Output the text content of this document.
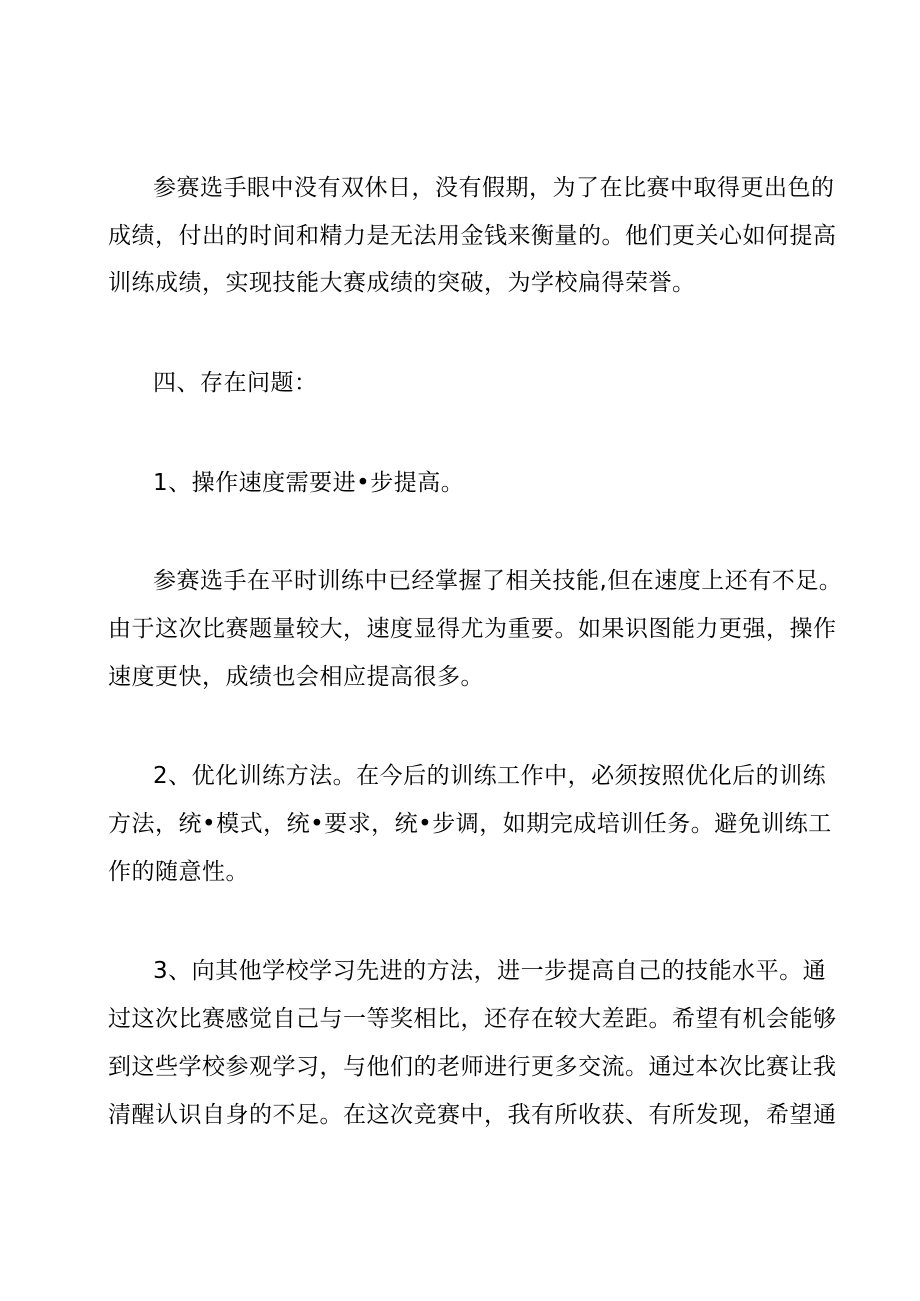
参赛选手眼中没有双休日，没有假期，为了在比赛中取得更出色的
成绩，付出的时间和精力是无法用金钱来衡量的。他们更关心如何提高
训练成绩，实现技能大赛成绩的突破，为学校扁得荣誉。
四、存在问题：
1、操作速度需要进•步提高。
参赛选手在平时训练中已经掌握了相关技能,但在速度上还有不足。
由于这次比赛题量较大，速度显得尤为重要。如果识图能力更强，操作
速度更快，成绩也会相应提高很多。
2、优化训练方法。在今后的训练工作中，必须按照优化后的训练
方法，统•模式，统•要求，统•步调，如期完成培训任务。避免训练工
作的随意性。
3、向其他学校学习先进的方法，进一步提高自己的技能水平。通
过这次比赛感觉自己与一等奖相比，还存在较大差距。希望有机会能够
到这些学校参观学习，与他们的老师进行更多交流。通过本次比赛让我
清醒认识自身的不足。在这次竞赛中，我有所收获、有所发现，希望通
